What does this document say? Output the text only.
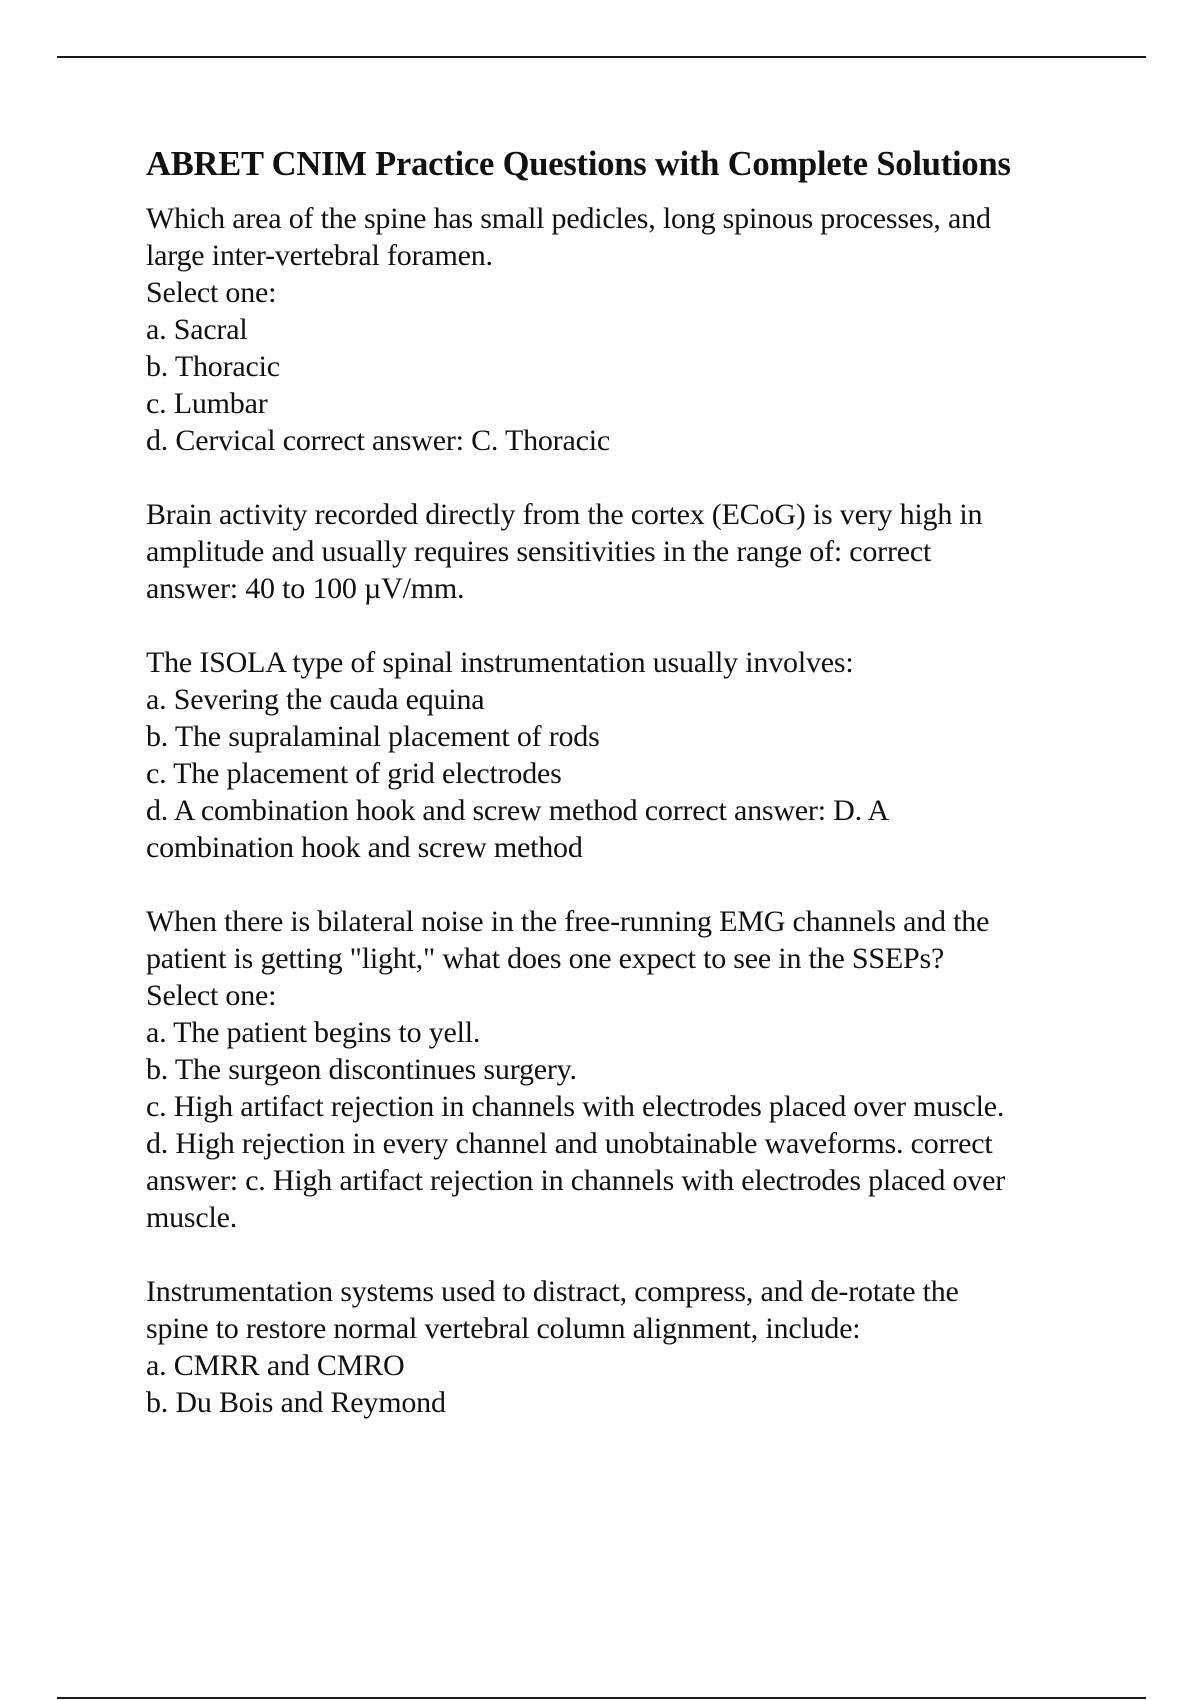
ABRET CNIM Practice Questions with Complete Solutions
Which area of the spine has small pedicles, long spinous processes, and
large inter-vertebral foramen.
Select one:
a. Sacral
b. Thoracic
c. Lumbar
d. Cervical correct answer: C. Thoracic
Brain activity recorded directly from the cortex (ECoG) is very high in
amplitude and usually requires sensitivities in the range of: correct
answer: 40 to 100 µV/mm.
The ISOLA type of spinal instrumentation usually involves:
a. Severing the cauda equina
b. The supralaminal placement of rods
c. The placement of grid electrodes
d. A combination hook and screw method correct answer: D. A
combination hook and screw method
When there is bilateral noise in the free-running EMG channels and the
patient is getting "light," what does one expect to see in the SSEPs?
Select one:
a. The patient begins to yell.
b. The surgeon discontinues surgery.
c. High artifact rejection in channels with electrodes placed over muscle.
d. High rejection in every channel and unobtainable waveforms. correct
answer: c. High artifact rejection in channels with electrodes placed over
muscle.
Instrumentation systems used to distract, compress, and de-rotate the
spine to restore normal vertebral column alignment, include:
a. CMRR and CMRO
b. Du Bois and Reymond
